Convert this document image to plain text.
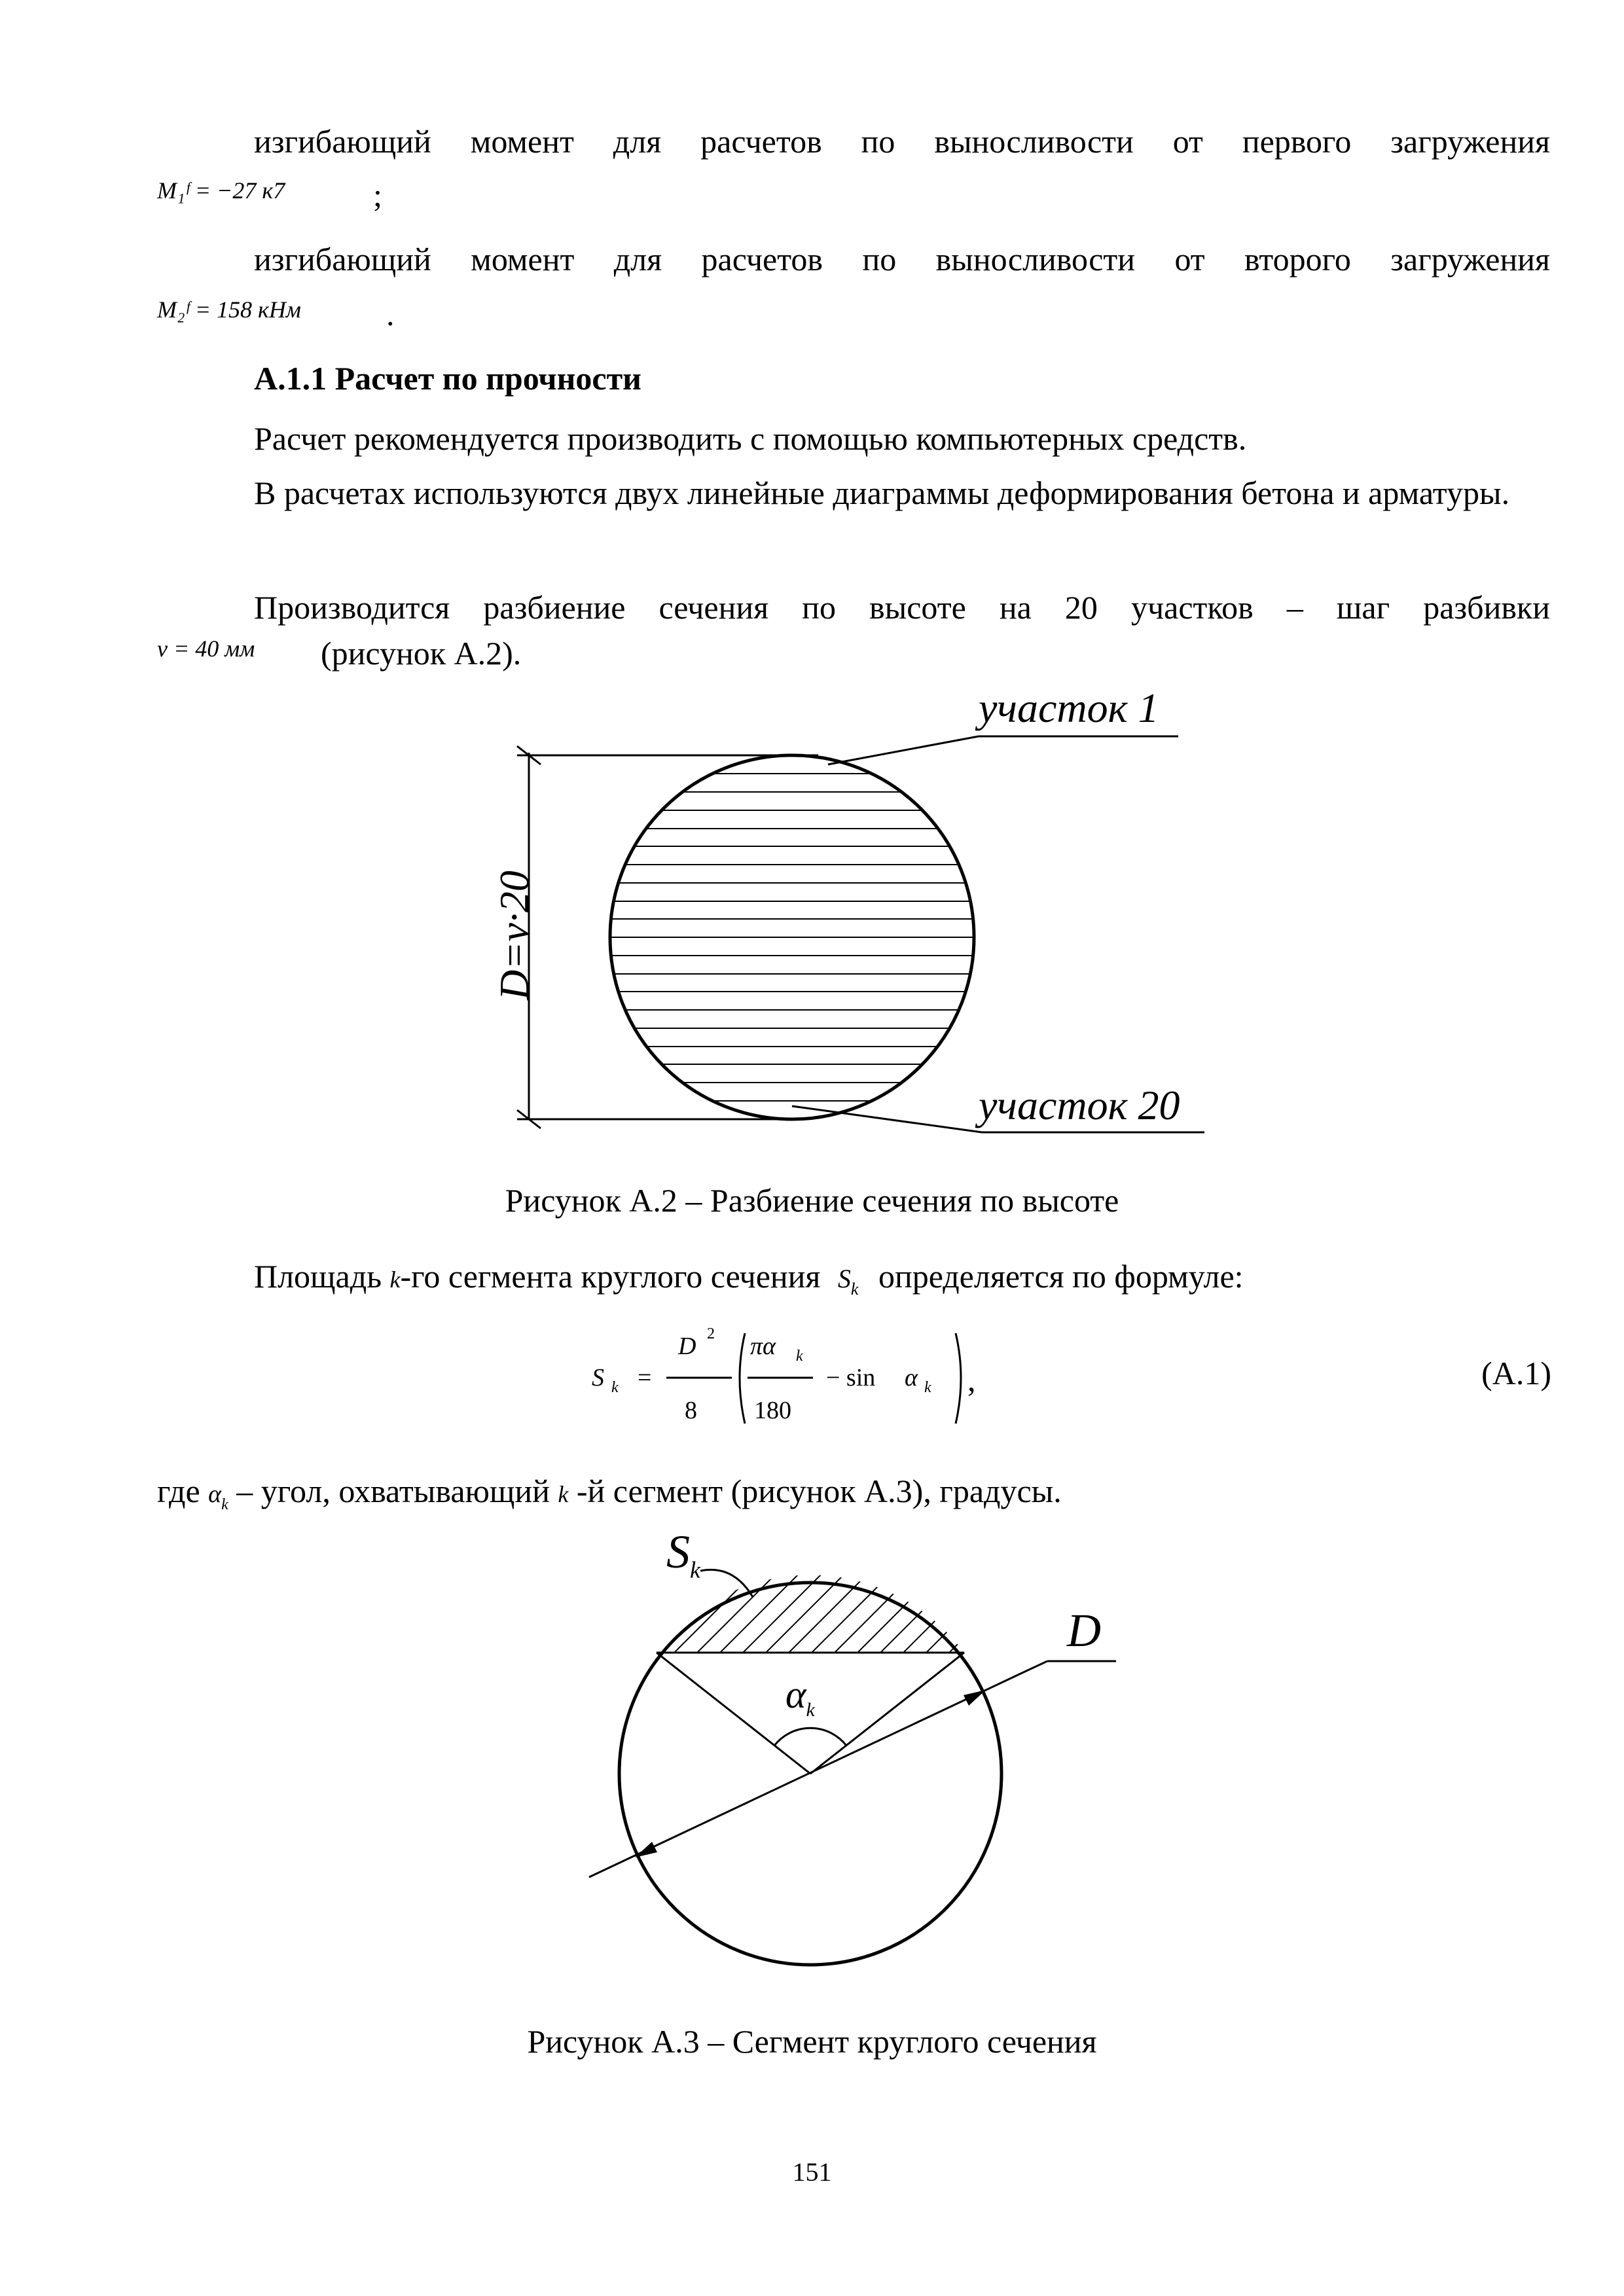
изгибающий момент для расчетов по выносливости от первого загружения
M₁ᶠ = −27 к7	;
изгибающий момент для расчетов по выносливости от второго загружения
M₂ᶠ = 158 кНм	.
А.1.1 Расчет по прочности
Расчет рекомендуется производить с помощью компьютерных средств.
В расчетах используются двух линейные диаграммы деформирования бетона и арматуры.
Производится разбиение сечения по высоте на 20 участков – шаг разбивки
ν = 40 мм (рисунок А.2).
участок 1
участок 20
D=ν·20
Рисунок А.2 – Разбиение сечения по высоте
Площадь k-го сегмента круглого сечения $S_k$ определяется по формуле:
S k =
D 2
8
πα k
180
− sin α k ,	(А.1)
где $\alpha_k$ – угол, охватывающий k -й сегмент (рисунок А.3), градусы.
$S_k$
$\alpha_k$
D
Рисунок А.3 – Сегмент круглого сечения
151
